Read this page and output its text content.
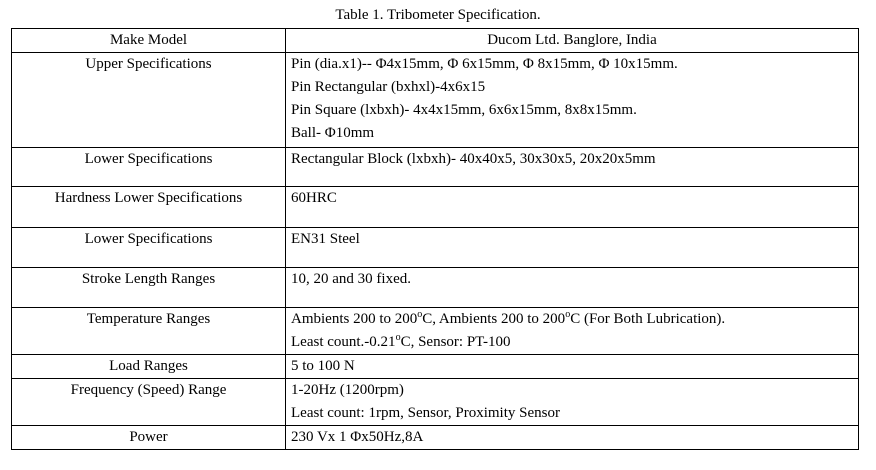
Table 1. Tribometer Specification.
Make Model	Ducom Ltd. Banglore, India
Upper Specifications	Pin (dia.x1)-- Φ4x15mm, Φ 6x15mm, Φ 8x15mm, Φ 10x15mm.
Pin Rectangular (bxhxl)-4x6x15
Pin Square (lxbxh)- 4x4x15mm, 6x6x15mm, 8x8x15mm.
Ball- Φ10mm

Lower Specifications	Rectangular Block (lxbxh)- 40x40x5, 30x30x5, 20x20x5mm

Hardness Lower Specifications	60HRC

Lower Specifications	EN31 Steel

Stroke Length Ranges	10, 20 and 30 fixed.

Temperature Ranges	Ambients 200 to 200$^o$C, Ambients 200 to 200$^o$C (For Both Lubrication).
Least count.-0.21$^o$C, Sensor: PT-100

Load Ranges	5 to 100 N

Frequency (Speed) Range	1-20Hz (1200rpm)
Least count: 1rpm, Sensor, Proximity Sensor

Power	230 Vx 1 Φx50Hz,8A
